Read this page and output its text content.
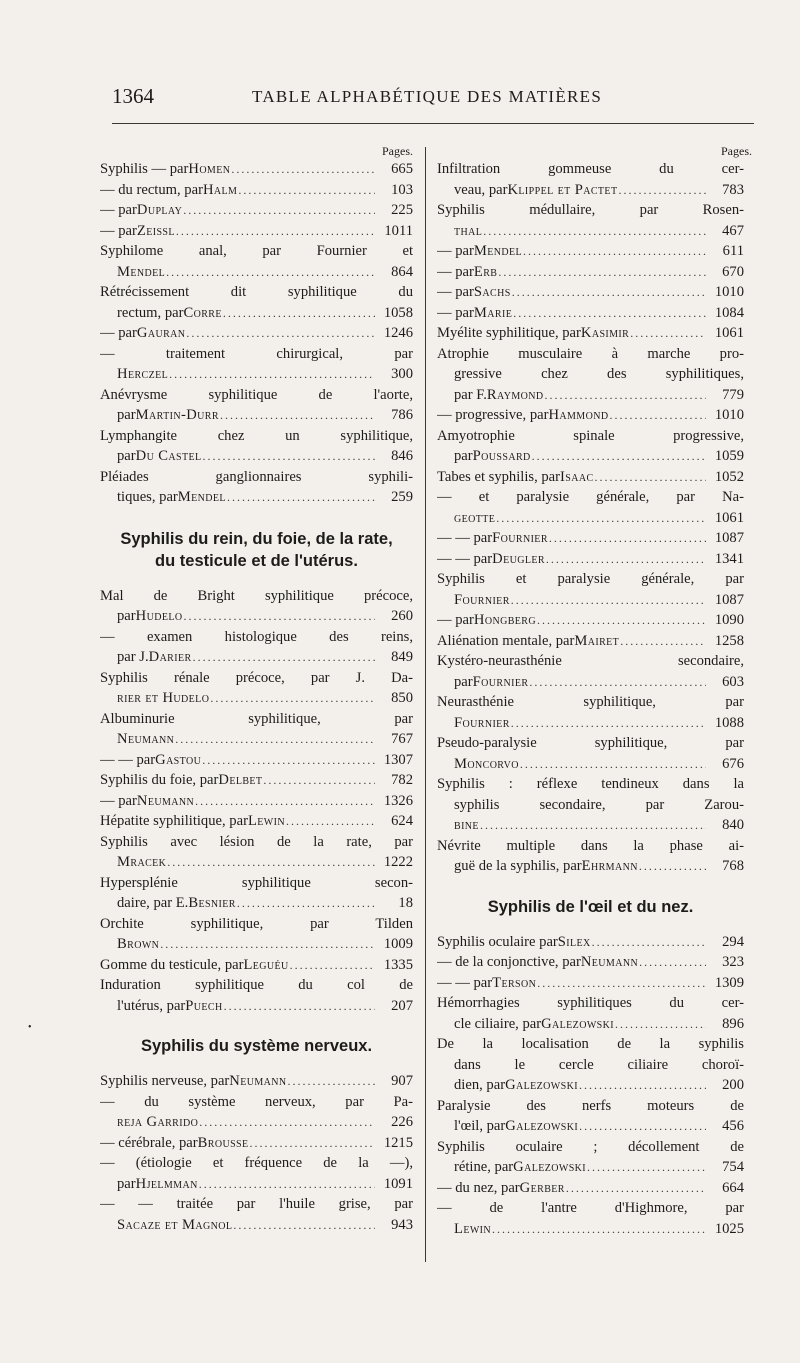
1364	TABLE ALPHABÉTIQUE DES MATIÈRES
Pages.
Syphilis — par Homen .....	665
— du rectum, par Halm .....	103
— par Duplay .....	225
— par Zeissl .....	1011
Syphilome anal, par Fournier et
Mendel .....	864
Rétrécissement dit syphilitique du
rectum, par Corre .....	1058
— par Gauran .....	1246
— traitement chirurgical, par
Herczel .....	300
Anévrysme syphilitique de l'aorte,
par Martin-Durr .....	786
Lymphangite chez un syphilitique,
par Du Castel .....	846
Pléiades ganglionnaires syphili-
tiques, par Mendel .....	259
Syphilis du rein, du foie, de la rate,
du testicule et de l'utérus.
Mal de Bright syphilitique précoce,
par Hudelo .....	260
— examen histologique des reins,
par J. Darier .....	849
Syphilis rénale précoce, par J. Da-
rier et Hudelo .....	850
Albuminurie syphilitique, par
Neumann .....	767
— — par Gastou .....	1307
Syphilis du foie, par Delbet .....	782
— par Neumann .....	1326
Hépatite syphilitique, par Lewin .....	624
Syphilis avec lésion de la rate, par
Mracek .....	1222
Hypersplénie syphilitique secon-
daire, par E. Besnier .....	18
Orchite syphilitique, par Tilden
Brown .....	1009
Gomme du testicule, par Leguéu .....	1335
Induration syphilitique du col de
l'utérus, par Puech .....	207
Syphilis du système nerveux.
Syphilis nerveuse, par Neumann .....	907
— du système nerveux, par Pa-
reja Garrido .....	226
— cérébrale, par Brousse .....	1215
— (étiologie et fréquence de la —),
par Hjelmman .....	1091
— — traitée par l'huile grise, par
Sacaze et Magnol .....	943
Pages.
Infiltration gommeuse du cer-
veau, par Klippel et Pactet .....	783
Syphilis médullaire, par Rosen-
thal .....	467
— par Mendel .....	611
— par Erb .....	670
— par Sachs .....	1010
— par Marie .....	1084
Myélite syphilitique, par Kasimir .....	1061
Atrophie musculaire à marche pro-
gressive chez des syphilitiques,
par F. Raymond .....	779
— progressive, par Hammond .....	1010
Amyotrophie spinale progressive,
par Poussard .....	1059
Tabes et syphilis, par Isaac .....	1052
— et paralysie générale, par Na-
geotte .....	1061
— — par Fournier .....	1087
— — par Deugler .....	1341
Syphilis et paralysie générale, par
Fournier .....	1087
— par Hongberg .....	1090
Aliénation mentale, par Mairet .....	1258
Kystéro-neurasthénie secondaire,
par Fournier .....	603
Neurasthénie syphilitique, par
Fournier .....	1088
Pseudo-paralysie syphilitique, par
Moncorvo .....	676
Syphilis : réflexe tendineux dans la
syphilis secondaire, par Zarou-
bine .....	840
Névrite multiple dans la phase ai-
guë de la syphilis, par Ehrmann .....	768
Syphilis de l'œil et du nez.
Syphilis oculaire par Silex .....	294
— de la conjonctive, par Neumann .....	323
— — par Terson .....	1309
Hémorrhagies syphilitiques du cer-
cle ciliaire, par Galezowski .....	896
De la localisation de la syphilis
dans le cercle ciliaire choroï-
dien, par Galezowski .....	200
Paralysie des nerfs moteurs de
l'œil, par Galezowski .....	456
Syphilis oculaire ; décollement de
rétine, par Galezowski .....	754
— du nez, par Gerber .....	664
— de l'antre d'Highmore, par
Lewin .....	1025
•
